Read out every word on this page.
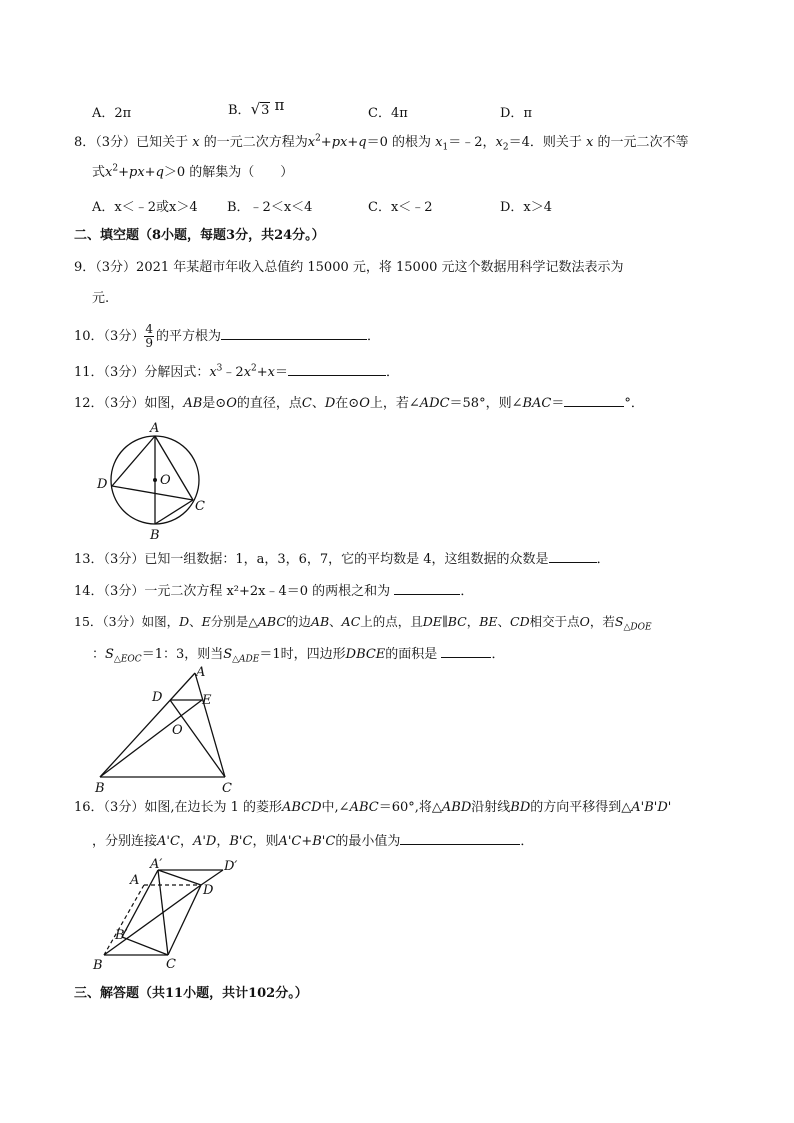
A．2π	B．√3 π	C．4π	D．π
8．（3分）已知关于 x 的一元二次方程为$x^2+px+q=0$ 的根为 $x_1=﹣2$，$x_2=4$．则关于 x 的一元二次不等
式$x^2+px+q>0$ 的解集为（　　）
A．x＜﹣2或x＞4 B．﹣2＜x＜4	C．x＜﹣2	D．x＞4
二、填空题（8小题，每题3分，共24分。）
9．（3分）2021 年某超市年收入总值约 15000 元，将 15000 元这个数据用科学记数法表示为
元.
10．（3分） $\frac{4}{9}$ 的平方根为	．
11．（3分）分解因式：$x^3﹣2x^2+x=$	．
12．（3分）如图，AB是⊙O的直径，点C、D在⊙O上，若∠ADC＝58°，则∠BAC＝	°．
A
B
C
D	O
13．（3分）已知一组数据：1，a，3，6，7，它的平均数是 4，这组数据的众数是	．
14．（3分）一元二次方程 x²+2x﹣4＝0 的两根之和为	．
15．（3分）如图，D、E分别是△ABC的边AB、AC上的点，且DE∥BC，BE、CD相交于点O，若$S_{\triangle DOE}$
：$S_{\triangle EOC}=1$：3，则当$S_{\triangle ADE}=1$时，四边形DBCE的面积是	．
A
B	C
D	E
O
16．（3分）如图,在边长为 1 的菱形ABCD中,∠ABC＝60°,将△ABD沿射线BD的方向平移得到△A'B'D'
，分别连接A'C，A'D，B'C，则A'C+B'C的最小值为	．
A
A′
B
B′
C
D
D′
三、解答题（共11小题，共计102分。）
